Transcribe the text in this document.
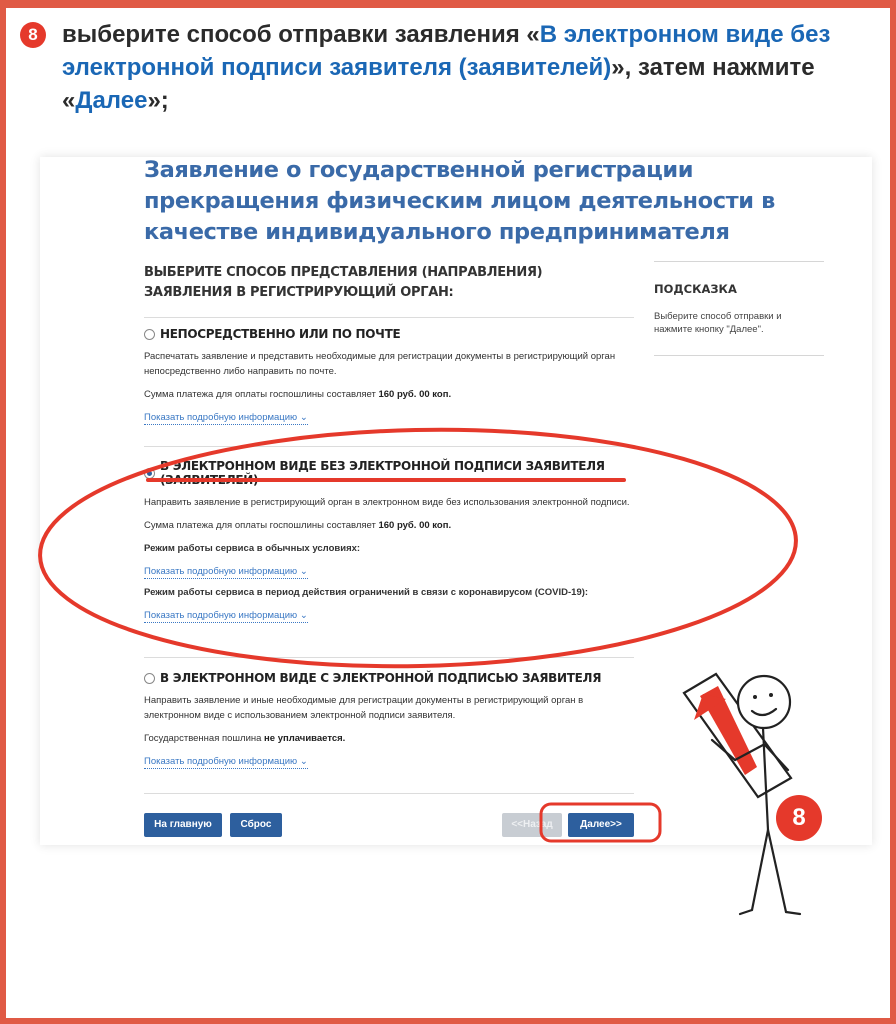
8	выберите способ отправки заявления «В электронном виде без электронной подписи заявителя (заявителей)», затем нажмите «Далее»;
Заявление о государственной регистрации прекращения физическим лицом деятельности в качестве индивидуального предпринимателя
ВЫБЕРИТЕ СПОСОБ ПРЕДСТАВЛЕНИЯ (НАПРАВЛЕНИЯ) ЗАЯВЛЕНИЯ В РЕГИСТРИРУЮЩИЙ ОРГАН:	ПОДСКАЗКА
Выберите способ отправки и нажмите кнопку "Далее".
НЕПОСРЕДСТВЕННО ИЛИ ПО ПОЧТЕ
Распечатать заявление и представить необходимые для регистрации документы в регистрирующий орган непосредственно либо направить по почте.
Сумма платежа для оплаты госпошлины составляет 160 руб. 00 коп.
Показать подробную информацию ⌄
В ЭЛЕКТРОННОМ ВИДЕ БЕЗ ЭЛЕКТРОННОЙ ПОДПИСИ ЗАЯВИТЕЛЯ
Направить заявление в регистрирующий орган в электронном виде без использования электронной подписи.
Сумма платежа для оплаты госпошлины составляет 160 руб. 00 коп.
Режим работы сервиса в обычных условиях:
Показать подробную информацию ⌄
Режим работы сервиса в период действия ограничений в связи с коронавирусом (COVID-19):
Показать подробную информацию ⌄
В ЭЛЕКТРОННОМ ВИДЕ С ЭЛЕКТРОННОЙ ПОДПИСЬЮ ЗАЯВИТЕЛЯ
Направить заявление и иные необходимые для регистрации документы в регистрирующий орган в электронном виде с использованием электронной подписи заявителя.
Государственная пошлина не уплачивается.
Показать подробную информацию ⌄
На главную	Сброс	<<Назад	Далее>>	8
